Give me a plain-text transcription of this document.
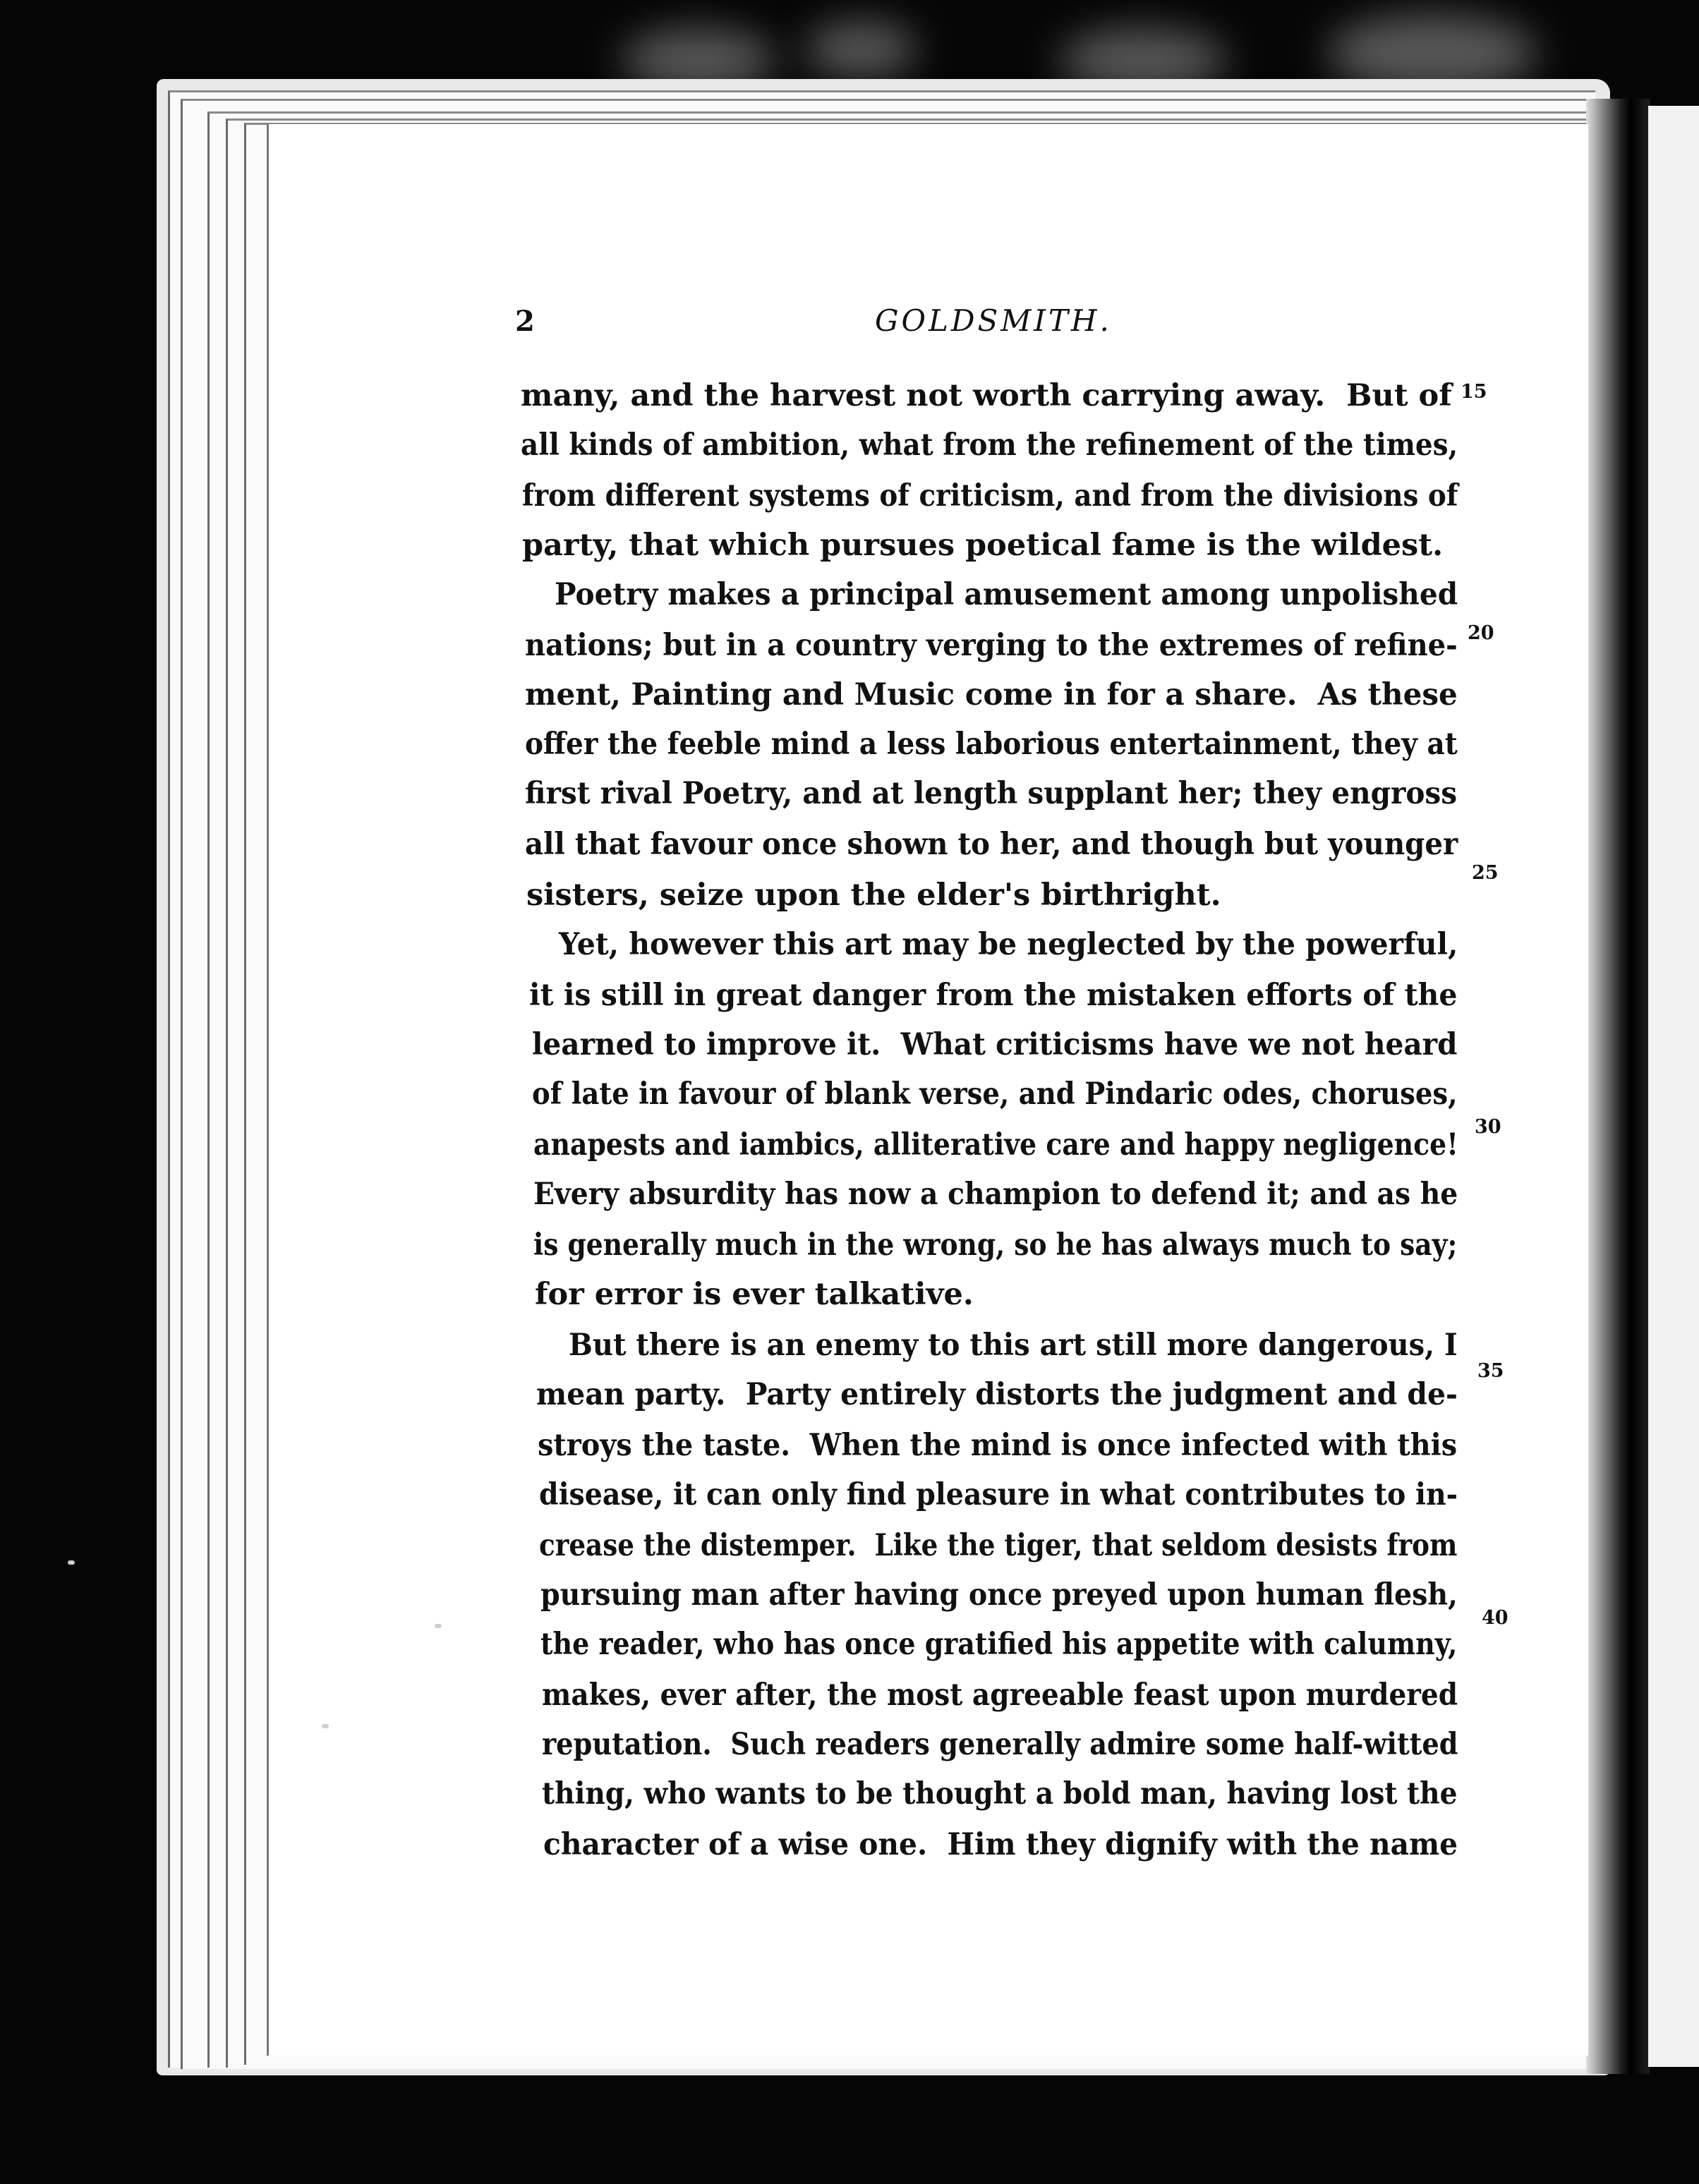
2	GOLDSMITH.
many, and the harvest not worth carrying away.  But of
all kinds of ambition, what from the refinement of the times,
from different systems of criticism, and from the divisions of
party, that which pursues poetical fame is the wildest.
Poetry makes a principal amusement among unpolished
nations; but in a country verging to the extremes of refine-
ment, Painting and Music come in for a share.  As these
offer the feeble mind a less laborious entertainment, they at
first rival Poetry, and at length supplant her; they engross
all that favour once shown to her, and though but younger
sisters, seize upon the elder's birthright.
Yet, however this art may be neglected by the powerful,
it is still in great danger from the mistaken efforts of the
learned to improve it.  What criticisms have we not heard
of late in favour of blank verse, and Pindaric odes, choruses,
anapests and iambics, alliterative care and happy negligence!
Every absurdity has now a champion to defend it; and as he
is generally much in the wrong, so he has always much to say;
for error is ever talkative.
But there is an enemy to this art still more dangerous, I
mean party.  Party entirely distorts the judgment and de-
stroys the taste.  When the mind is once infected with this
disease, it can only find pleasure in what contributes to in-
crease the distemper.  Like the tiger, that seldom desists from
pursuing man after having once preyed upon human flesh,
the reader, who has once gratified his appetite with calumny,
makes, ever after, the most agreeable feast upon murdered
reputation.  Such readers generally admire some half-witted
thing, who wants to be thought a bold man, having lost the
character of a wise one.  Him they dignify with the name
15
20
25
30
35
40
